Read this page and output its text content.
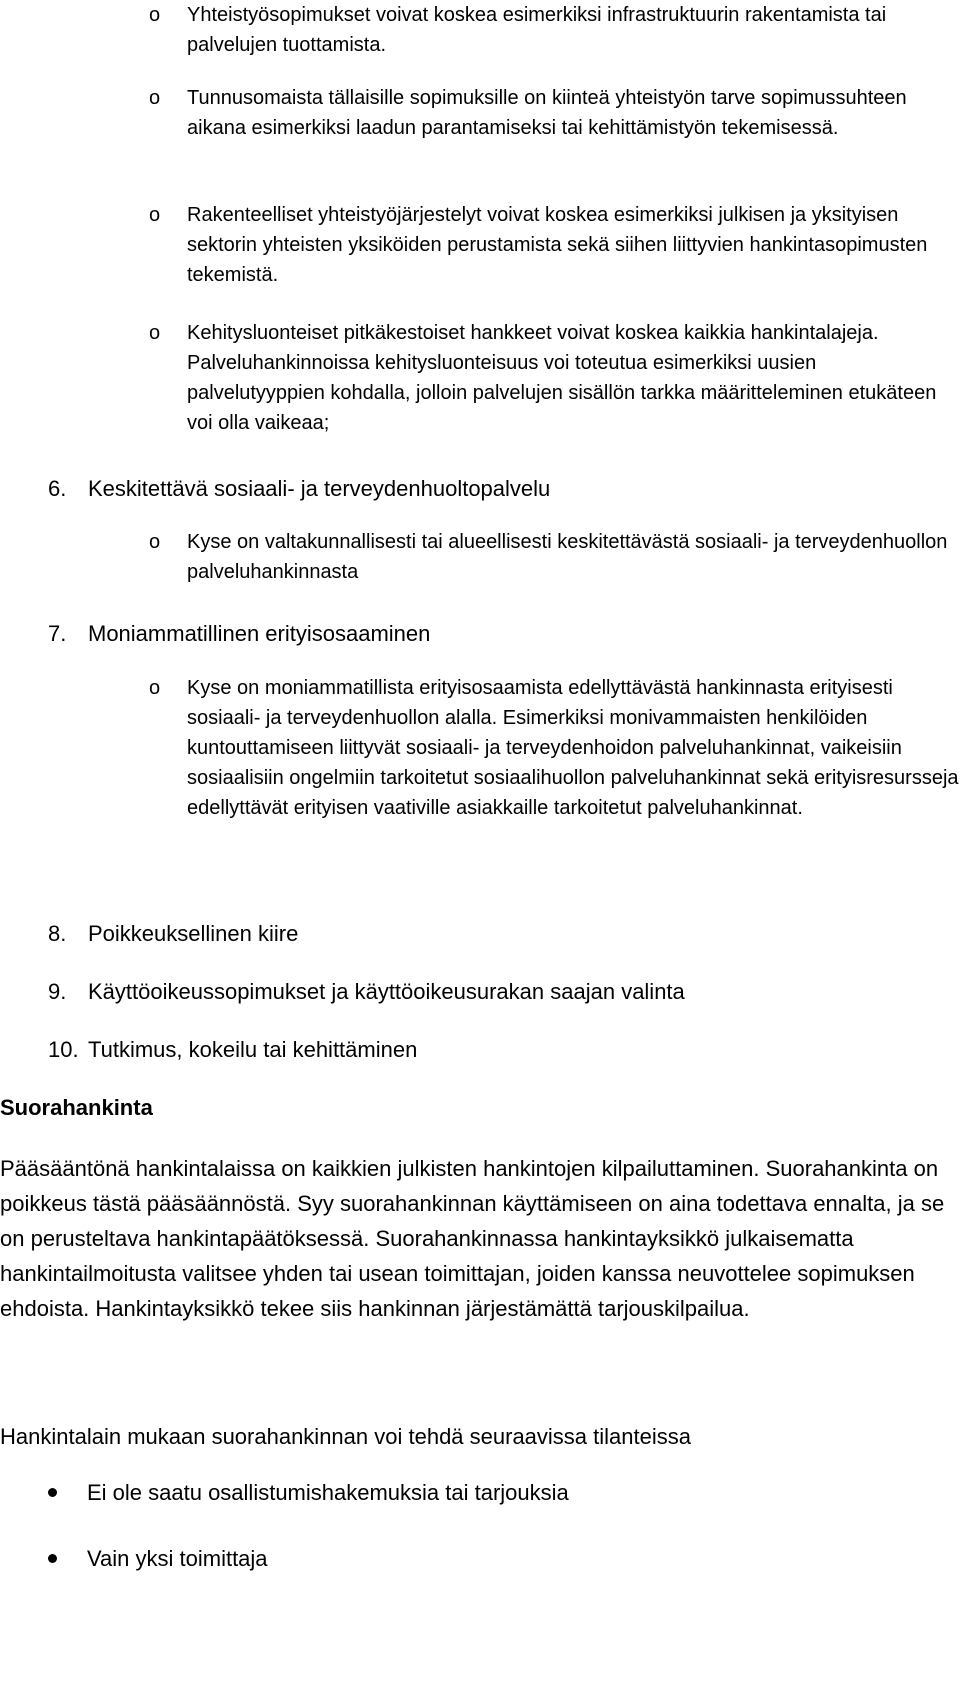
o Yhteistyösopimukset voivat koskea esimerkiksi infrastruktuurin rakentamista tai palvelujen tuottamista.
o Tunnusomaista tällaisille sopimuksille on kiinteä yhteistyön tarve sopimussuhteen aikana esimerkiksi laadun parantamiseksi tai kehittämistyön tekemisessä.
o Rakenteelliset yhteistyöjärjestelyt voivat koskea esimerkiksi julkisen ja yksityisen sektorin yhteisten yksiköiden perustamista sekä siihen liittyvien hankintasopimusten tekemistä.
o Kehitysluonteiset pitkäkestoiset hankkeet voivat koskea kaikkia hankintalajeja. Palveluhankinnoissa kehitysluonteisuus voi toteutua esimerkiksi uusien palvelutyyppien kohdalla, jolloin palvelujen sisällön tarkka määritteleminen etukäteen voi olla vaikeaa;
6. Keskitettävä sosiaali- ja terveydenhuoltopalvelu
o Kyse on valtakunnallisesti tai alueellisesti keskitettävästä sosiaali- ja terveydenhuollon palveluhankinnasta
7. Moniammatillinen erityisosaaminen
o Kyse on moniammatillista erityisosaamista edellyttävästä hankinnasta erityisesti sosiaali- ja terveydenhuollon alalla. Esimerkiksi monivammaisten henkilöiden kuntouttamiseen liittyvät sosiaali- ja terveydenhoidon palveluhankinnat, vaikeisiin sosiaalisiin ongelmiin tarkoitetut sosiaalihuollon palveluhankinnat sekä erityisresursseja edellyttävät erityisen vaativille asiakkaille tarkoitetut palveluhankinnat.
8. Poikkeuksellinen kiire
9. Käyttöoikeussopimukset ja käyttöoikeusurakan saajan valinta
10. Tutkimus, kokeilu tai kehittäminen
Suorahankinta
Pääsääntönä hankintalaissa on kaikkien julkisten hankintojen kilpailuttaminen. Suorahankinta on poikkeus tästä pääsäännöstä. Syy suorahankinnan käyttämiseen on aina todettava ennalta, ja se on perusteltava hankintapäätöksessä. Suorahankinnassa hankintayksikkö julkaisematta hankintailmoitusta valitsee yhden tai usean toimittajan, joiden kanssa neuvottelee sopimuksen ehdoista. Hankintayksikkö tekee siis hankinnan järjestämättä tarjouskilpailua.
Hankintalain mukaan suorahankinnan voi tehdä seuraavissa tilanteissa
Ei ole saatu osallistumishakemuksia tai tarjouksia
Vain yksi toimittaja
